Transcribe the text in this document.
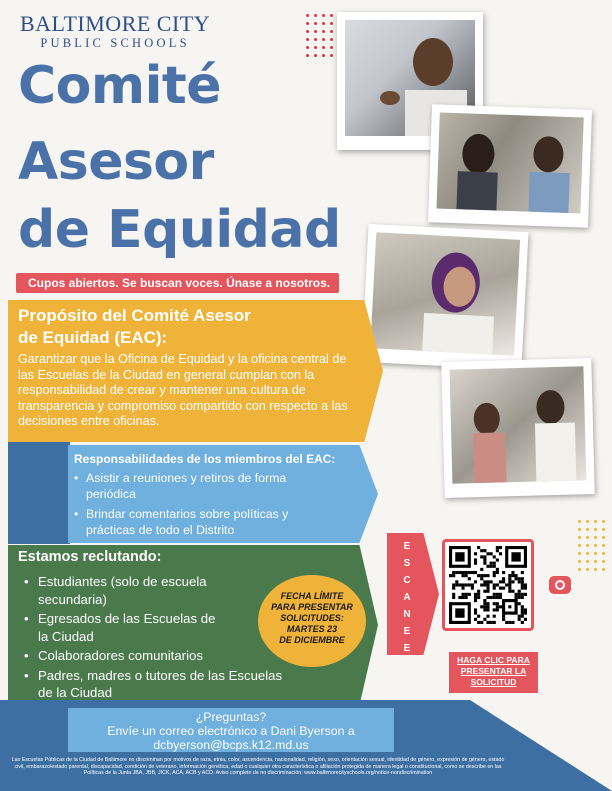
BALTIMORE CITY
PUBLIC SCHOOLS
Comité
Asesor
de Equidad
Cupos abiertos. Se buscan voces. Únase a nosotros.
Propósito del Comité Asesor
de Equidad (EAC):
Garantizar que la Oficina de Equidad y la oficina central de las Escuelas de la Ciudad en general cumplan con la responsabilidad de crear y mantener una cultura de transparencia y compromiso compartido con respecto a las decisiones entre oficinas.
Responsabilidades de los miembros del EAC:
• Asistir a reuniones y retiros de forma periódica
• Brindar comentarios sobre políticas y prácticas de todo el Distrito
Estamos reclutando:
• Estudiantes (solo de escuela secundaria)
• Egresados de las Escuelas de la Ciudad
• Colaboradores comunitarios
• Padres, madres o tutores de las Escuelas de la Ciudad
FECHA LÍMITE
PARA PRESENTAR
SOLICITUDES:
MARTES 23
DE DICIEMBRE
E
S
C
A
N
E
E
HAGA CLIC PARA
PRESENTAR LA
SOLICITUD
¿Preguntas?
Envíe un correo electrónico a Dani Byerson a
dcbyerson@bcps.k12.md.us
Las Escuelas Públicas de la Ciudad de Baltimore no discriminan por motivos de raza, etnia, color, ascendencia, nacionalidad, religión, sexo, orientación sexual, identidad de género, expresión de género, estado civil, embarazo/estado parental, discapacidad, condición de veterano, información genética, edad o cualquier otra característica o afiliación protegida de manera legal o constitucional, como se describe en las Políticas de la Junta JBA, JBB, JICK, ACA, ACB y ACD. Aviso completo de no discriminación: www.baltimorecityschools.org/notice-nondiscrimination
